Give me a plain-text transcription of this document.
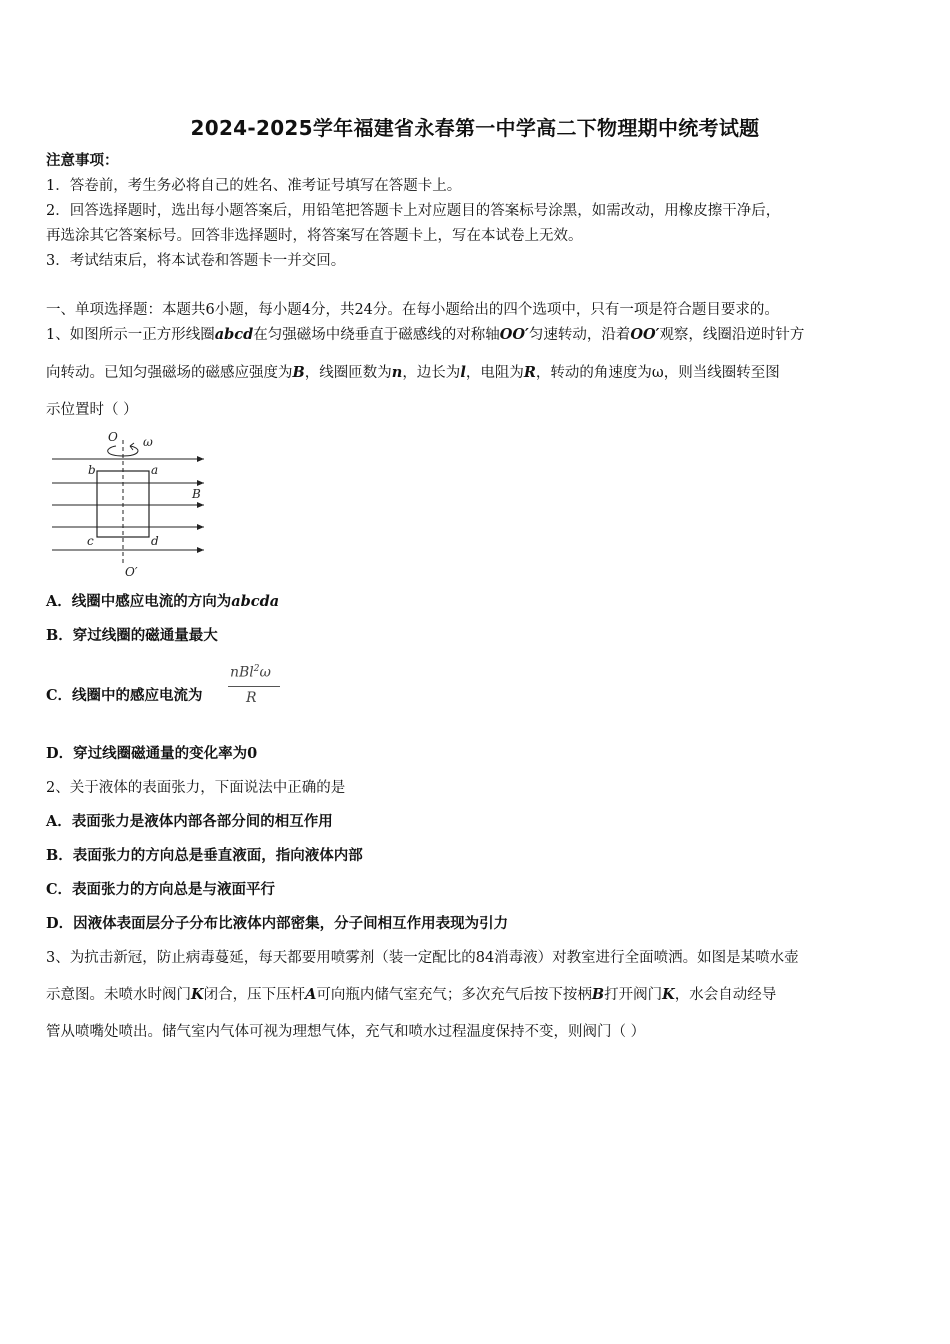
2024-2025学年福建省永春第一中学高二下物理期中统考试题
注意事项：
1．答卷前，考生务必将自己的姓名、准考证号填写在答题卡上。
2．回答选择题时，选出每小题答案后，用铅笔把答题卡上对应题目的答案标号涂黑，如需改动，用橡皮擦干净后，
再选涂其它答案标号。回答非选择题时，将答案写在答题卡上，写在本试卷上无效。
3．考试结束后，将本试卷和答题卡一并交回。
一、单项选择题：本题共6小题，每小题4分，共24分。在每小题给出的四个选项中，只有一项是符合题目要求的。
1、如图所示一正方形线圈abcd在匀强磁场中绕垂直于磁感线的对称轴OO′匀速转动，沿着OO′观察，线圈沿逆时针方
向转动。已知匀强磁场的磁感应强度为B，线圈匝数为n，边长为l，电阻为R，转动的角速度为ω，则当线圈转至图
示位置时（ ）
O ω
b	a
B
c	d
O′
A．线圈中感应电流的方向为abcda
B．穿过线圈的磁通量最大
C．线圈中的感应电流为
nBl$^2$ω
R
D．穿过线圈磁通量的变化率为0
2、关于液体的表面张力，下面说法中正确的是
A．表面张力是液体内部各部分间的相互作用
B．表面张力的方向总是垂直液面，指向液体内部
C．表面张力的方向总是与液面平行
D．因液体表面层分子分布比液体内部密集，分子间相互作用表现为引力
3、为抗击新冠，防止病毒蔓延，每天都要用喷雾剂（装一定配比的84消毒液）对教室进行全面喷洒。如图是某喷水壶
示意图。未喷水时阀门K闭合，压下压杆A可向瓶内储气室充气；多次充气后按下按柄B打开阀门K，水会自动经导
管从喷嘴处喷出。储气室内气体可视为理想气体，充气和喷水过程温度保持不变，则阀门（ ）
